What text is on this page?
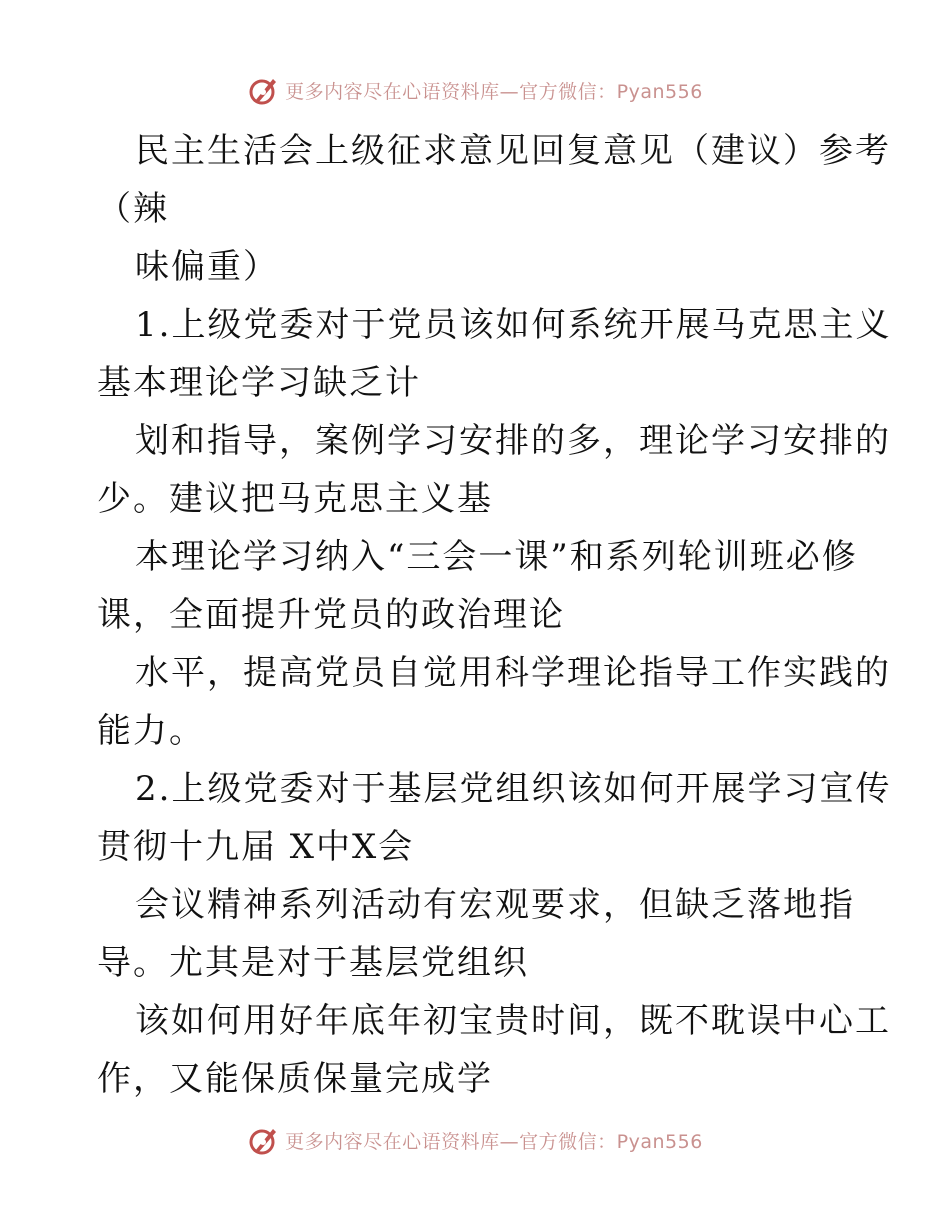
更多内容尽在心语资料库—官方微信：Pyan556
民主生活会上级征求意见回复意见（建议）参考
（辣
味偏重）
1.上级党委对于党员该如何系统开展马克思主义
基本理论学习缺乏计
划和指导，案例学习安排的多，理论学习安排的
少。建议把马克思主义基
本理论学习纳入“三会一课”和系列轮训班必修
课，全面提升党员的政治理论
水平，提高党员自觉用科学理论指导工作实践的
能力。
2.上级党委对于基层党组织该如何开展学习宣传
贯彻十九届 X中X会
会议精神系列活动有宏观要求，但缺乏落地指
导。尤其是对于基层党组织
该如何用好年底年初宝贵时间，既不耽误中心工
作，又能保质保量完成学
更多内容尽在心语资料库—官方微信：Pyan556
